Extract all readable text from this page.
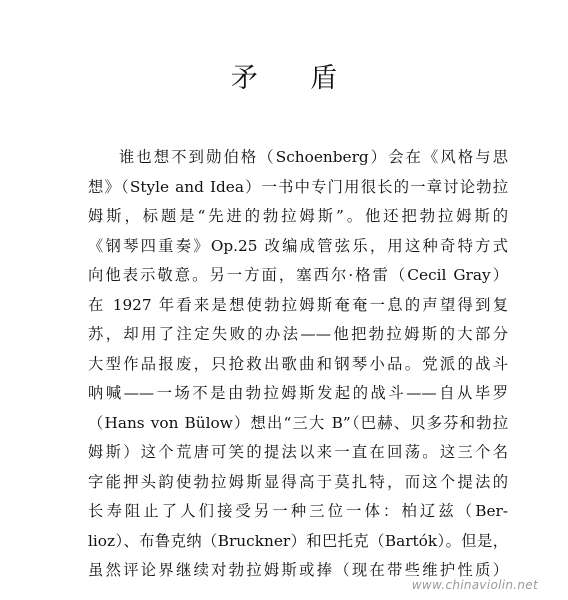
矛 盾
谁也想不到勋伯格（Schoenberg）会在《风格与思
想》（Style and Idea）一书中专门用很长的一章讨论勃拉
姆斯，标题是“先进的勃拉姆斯”。他还把勃拉姆斯的
《钢琴四重奏》Op.25 改编成管弦乐，用这种奇特方式
向他表示敬意。另一方面，塞西尔·格雷（Cecil Gray）
在 1927 年看来是想使勃拉姆斯奄奄一息的声望得到复
苏，却用了注定失败的办法——他把勃拉姆斯的大部分
大型作品报废，只抢救出歌曲和钢琴小品。党派的战斗
呐喊——一场不是由勃拉姆斯发起的战斗——自从毕罗
（Hans von Bülow）想出“三大 B”（巴赫、贝多芬和勃拉
姆斯）这个荒唐可笑的提法以来一直在回荡。这三个名
字能押头韵使勃拉姆斯显得高于莫扎特，而这个提法的
长寿阻止了人们接受另一种三位一体：柏辽兹（Ber-
lioz）、布鲁克纳（Bruckner）和巴托克（Bartók）。但是，
虽然评论界继续对勃拉姆斯或捧（现在带些维护性质）
www.chinaviolin.net
